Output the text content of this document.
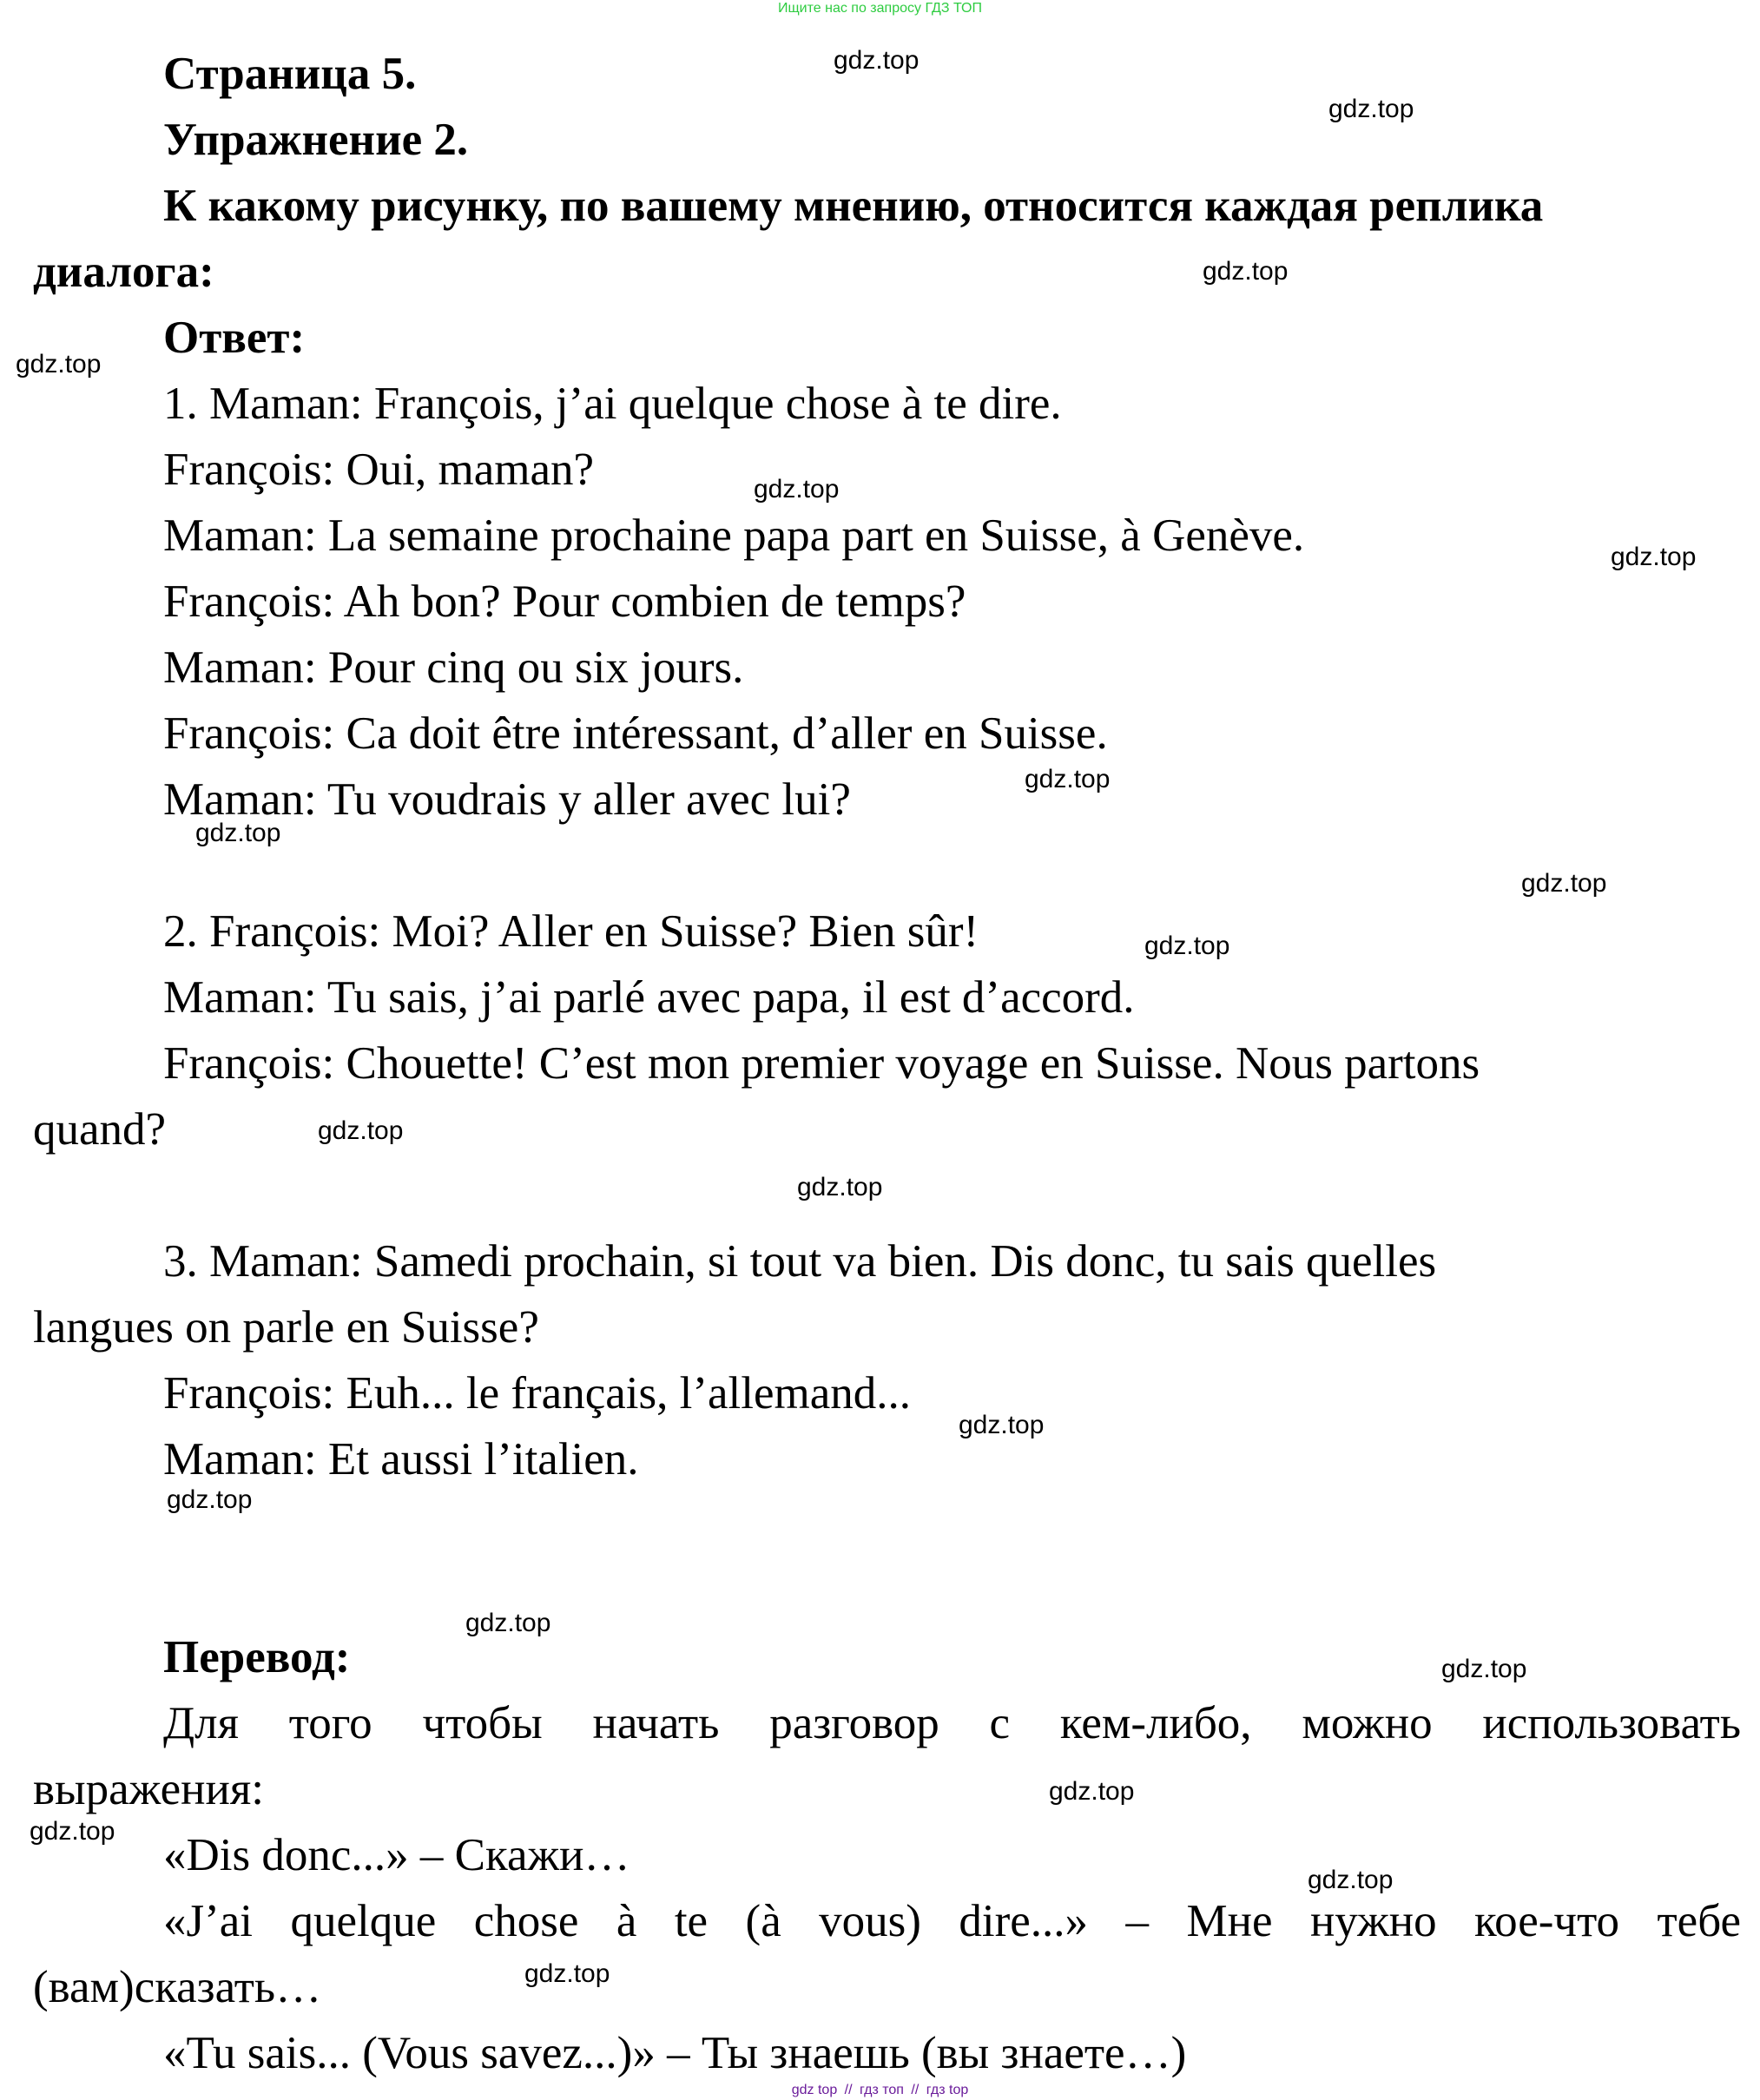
Ищите нас по запросу ГДЗ ТОП
Страница 5.
Упражнение 2.
К какому рисунку, по вашему мнению, относится каждая реплика
диалога:
Ответ:
1. Maman: François, j’ai quelque chose à te dire.
François: Oui, maman?
Maman: La semaine prochaine papa part en Suisse, à Genève.
François: Ah bon? Pour combien de temps?
Maman: Pour cinq ou six jours.
François: Ca doit être intéressant, d’aller en Suisse.
Maman: Tu voudrais y aller avec lui?
2. François: Moi? Aller en Suisse? Bien sûr!
Maman: Tu sais, j’ai parlé avec papa, il est d’accord.
François: Chouette! C’est mon premier voyage en Suisse. Nous partons
quand?
3. Maman: Samedi prochain, si tout va bien. Dis donc, tu sais quelles
langues on parle en Suisse?
François: Euh... le français, l’allemand...
Maman: Et aussi l’italien.
Перевод:
Для того чтобы начать разговор с кем-либо, можно использовать
выражения:
«Dis donc...» – Скажи…
«J’ai quelque chose à te (à vous) dire...» – Мне нужно кое-что тебе
(вам)сказать…
«Tu sais... (Vous savez...)» – Ты знаешь (вы знаете…)
gdz.top
gdz.top
gdz.top
gdz.top
gdz.top
gdz.top
gdz.top
gdz.top
gdz.top
gdz.top
gdz.top
gdz.top
gdz.top
gdz.top
gdz.top
gdz.top
gdz.top
gdz.top
gdz.top
gdz.top
gdz top // гдз топ // гдз top
